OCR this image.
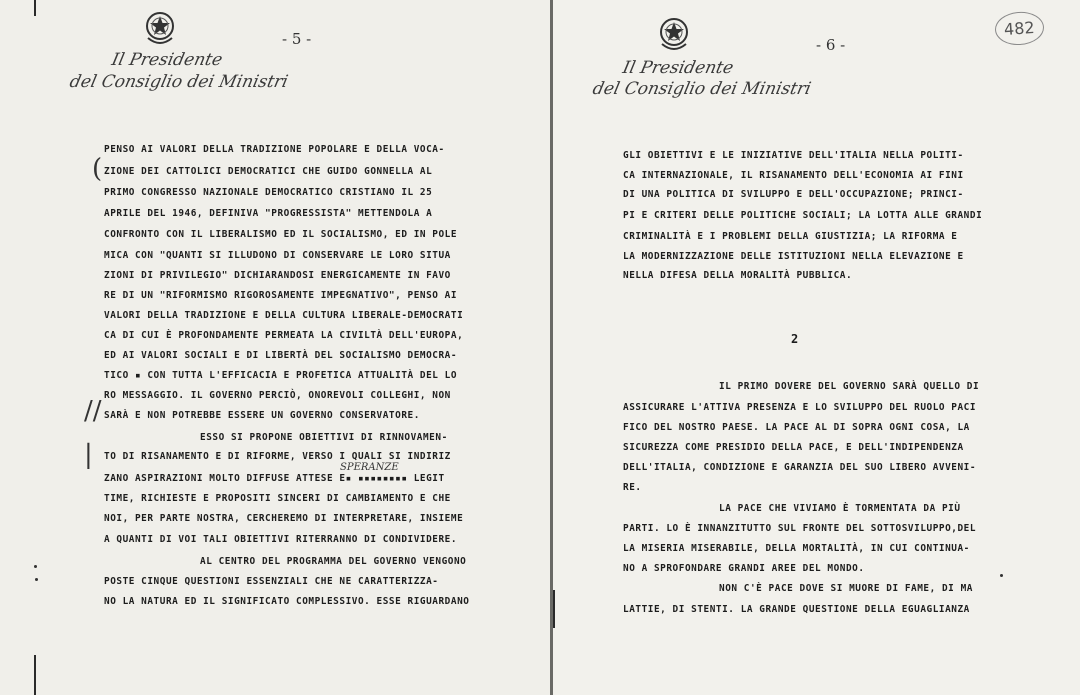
- 5 -
Il Presidente
del Consiglio dei Ministri
(
//
|	SPERANZE
PENSO AI VALORI DELLA TRADIZIONE POPOLARE E DELLA VOCA-
ZIONE DEI CATTOLICI DEMOCRATICI CHE GUIDO GONNELLA AL
PRIMO CONGRESSO NAZIONALE DEMOCRATICO CRISTIANO IL 25
APRILE DEL 1946, DEFINIVA "PROGRESSISTA" METTENDOLA A
CONFRONTO CON IL LIBERALISMO ED IL SOCIALISMO, ED IN POLE
MICA CON "QUANTI SI ILLUDONO DI CONSERVARE LE LORO SITUA
ZIONI DI PRIVILEGIO" DICHIARANDOSI ENERGICAMENTE IN FAVO
RE DI UN "RIFORMISMO RIGOROSAMENTE IMPEGNATIVO", PENSO AI
VALORI DELLA TRADIZIONE E DELLA CULTURA LIBERALE-DEMOCRATI
CA DI CUI È PROFONDAMENTE PERMEATA LA CIVILTÀ DELL'EUROPA,
ED AI VALORI SOCIALI E DI LIBERTÀ DEL SOCIALISMO DEMOCRA-
TICO ▪ CON TUTTA L'EFFICACIA E PROFETICA ATTUALITÀ DEL LO
RO MESSAGGIO. IL GOVERNO PERCIÒ, ONOREVOLI COLLEGHI, NON
SARÀ E NON POTREBBE ESSERE UN GOVERNO CONSERVATORE.
ESSO SI PROPONE OBIETTIVI DI RINNOVAMEN-
TO DI RISANAMENTO E DI RIFORME, VERSO I QUALI SI INDIRIZ
ZANO ASPIRAZIONI MOLTO DIFFUSE ATTESE E▪ ▪▪▪▪▪▪▪▪ LEGIT
TIME, RICHIESTE E PROPOSITI SINCERI DI CAMBIAMENTO E CHE
NOI, PER PARTE NOSTRA, CERCHEREMO DI INTERPRETARE, INSIEME
A QUANTI DI VOI TALI OBIETTIVI RITERRANNO DI CONDIVIDERE.
AL CENTRO DEL PROGRAMMA DEL GOVERNO VENGONO
POSTE CINQUE QUESTIONI ESSENZIALI CHE NE CARATTERIZZA-
NO LA NATURA ED IL SIGNIFICATO COMPLESSIVO. ESSE RIGUARDANO
- 6 -
482
Il Presidente
del Consiglio dei Ministri
GLI OBIETTIVI E LE INIZIATIVE DELL'ITALIA NELLA POLITI-
CA INTERNAZIONALE, IL RISANAMENTO DELL'ECONOMIA AI FINI
DI UNA POLITICA DI SVILUPPO E DELL'OCCUPAZIONE; PRINCI-
PI E CRITERI DELLE POLITICHE SOCIALI; LA LOTTA ALLE GRANDI
CRIMINALITÀ E I PROBLEMI DELLA GIUSTIZIA; LA RIFORMA E
LA MODERNIZZAZIONE DELLE ISTITUZIONI NELLA ELEVAZIONE E
NELLA DIFESA DELLA MORALITÀ PUBBLICA.
2
IL PRIMO DOVERE DEL GOVERNO SARÀ QUELLO DI
ASSICURARE L'ATTIVA PRESENZA E LO SVILUPPO DEL RUOLO PACI
FICO DEL NOSTRO PAESE. LA PACE AL DI SOPRA OGNI COSA, LA
SICUREZZA COME PRESIDIO DELLA PACE, E DELL'INDIPENDENZA
DELL'ITALIA, CONDIZIONE E GARANZIA DEL SUO LIBERO AVVENI-
RE.
LA PACE CHE VIVIAMO È TORMENTATA DA PIÙ
PARTI. LO È INNANZITUTTO SUL FRONTE DEL SOTTOSVILUPPO,DEL
LA MISERIA MISERABILE, DELLA MORTALITÀ, IN CUI CONTINUA-
NO A SPROFONDARE GRANDI AREE DEL MONDO.
NON C'È PACE DOVE SI MUORE DI FAME, DI MA
LATTIE, DI STENTI. LA GRANDE QUESTIONE DELLA EGUAGLIANZA
